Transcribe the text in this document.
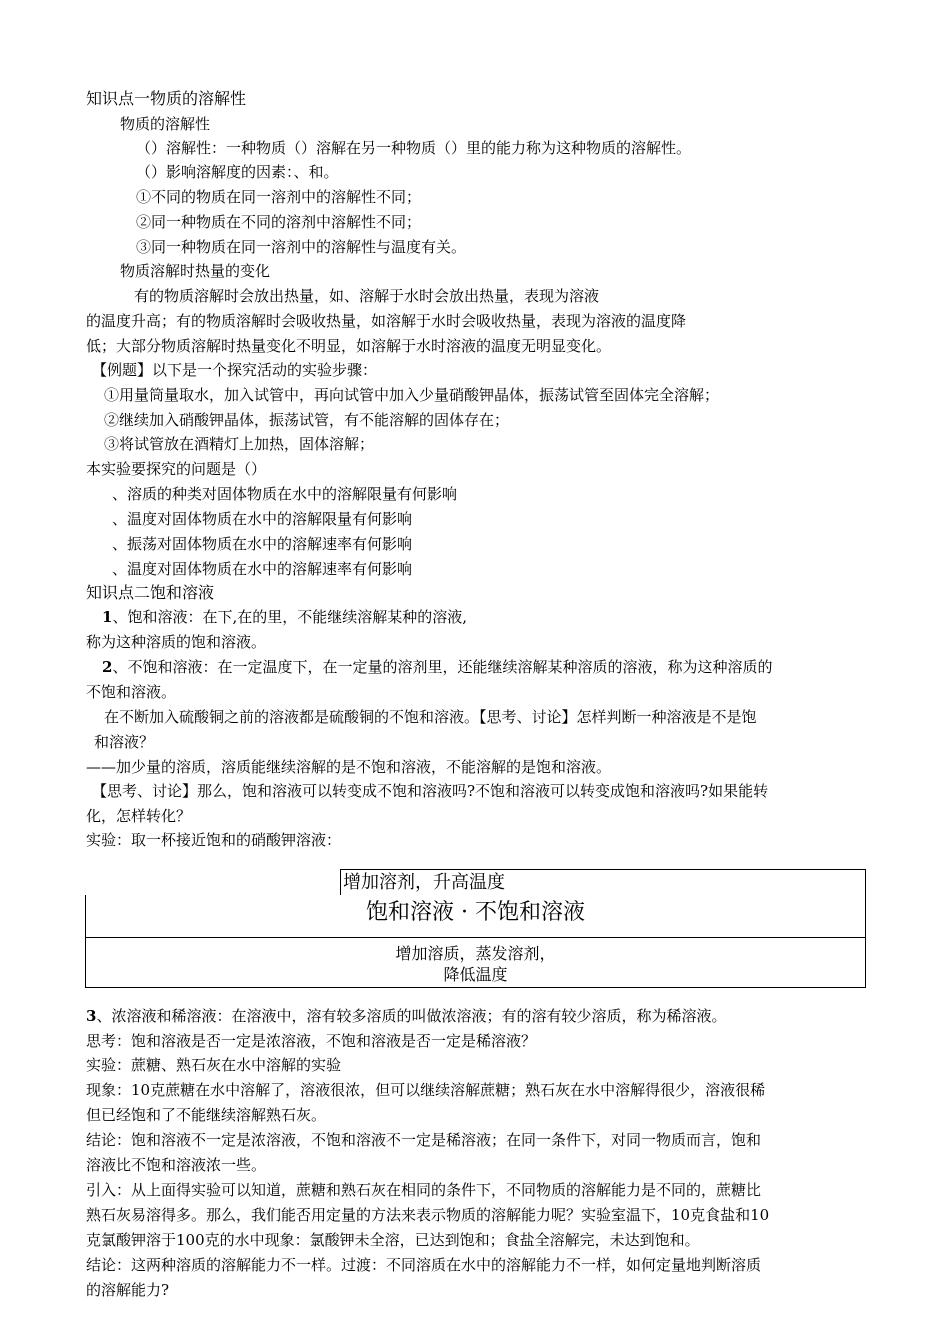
知识点一物质的溶解性
物质的溶解性
（）溶解性：一种物质（）溶解在另一种物质（）里的能力称为这种物质的溶解性。
（）影响溶解度的因素：、和。
①不同的物质在同一溶剂中的溶解性不同；
②同一种物质在不同的溶剂中溶解性不同；
③同一种物质在同一溶剂中的溶解性与温度有关。
物质溶解时热量的变化
有的物质溶解时会放出热量，如、溶解于水时会放出热量，表现为溶液
的温度升高；有的物质溶解时会吸收热量，如溶解于水时会吸收热量，表现为溶液的温度降
低；大部分物质溶解时热量变化不明显，如溶解于水时溶液的温度无明显变化。
【例题】以下是一个探究活动的实验步骤：
①用量筒量取水，加入试管中，再向试管中加入少量硝酸钾晶体，振荡试管至固体完全溶解；
②继续加入硝酸钾晶体，振荡试管，有不能溶解的固体存在；
③将试管放在酒精灯上加热，固体溶解；
本实验要探究的问题是（）
、溶质的种类对固体物质在水中的溶解限量有何影响
、温度对固体物质在水中的溶解限量有何影响
、振荡对固体物质在水中的溶解速率有何影响
、温度对固体物质在水中的溶解速率有何影响
知识点二饱和溶液
1、饱和溶液：在下,在的里，不能继续溶解某种的溶液,
称为这种溶质的饱和溶液。
2、不饱和溶液：在一定温度下，在一定量的溶剂里，还能继续溶解某种溶质的溶液，称为这种溶质的
不饱和溶液。
在不断加入硫酸铜之前的溶液都是硫酸铜的不饱和溶液。【思考、讨论】怎样判断一种溶液是不是饱
和溶液？
——加少量的溶质，溶质能继续溶解的是不饱和溶液，不能溶解的是饱和溶液。
【思考、讨论】那么，饱和溶液可以转变成不饱和溶液吗?不饱和溶液可以转变成饱和溶液吗?如果能转
化，怎样转化？
实验：取一杯接近饱和的硝酸钾溶液：
增加溶剂，升高温度
饱和溶液 · 不饱和溶液
增加溶质，蒸发溶剂，
降低温度
3、浓溶液和稀溶液：在溶液中，溶有较多溶质的叫做浓溶液；有的溶有较少溶质，称为稀溶液。
思考：饱和溶液是否一定是浓溶液，不饱和溶液是否一定是稀溶液？
实验：蔗糖、熟石灰在水中溶解的实验
现象：10克蔗糖在水中溶解了，溶液很浓，但可以继续溶解蔗糖；熟石灰在水中溶解得很少，溶液很稀
但已经饱和了不能继续溶解熟石灰。
结论：饱和溶液不一定是浓溶液，不饱和溶液不一定是稀溶液；在同一条件下，对同一物质而言，饱和
溶液比不饱和溶液浓一些。
引入：从上面得实验可以知道，蔗糖和熟石灰在相同的条件下，不同物质的溶解能力是不同的，蔗糖比
熟石灰易溶得多。那么，我们能否用定量的方法来表示物质的溶解能力呢？实验室温下，10克食盐和10
克氯酸钾溶于100克的水中现象：氯酸钾未全溶，已达到饱和；食盐全溶解完，未达到饱和。
结论：这两种溶质的溶解能力不一样。过渡：不同溶质在水中的溶解能力不一样，如何定量地判断溶质
的溶解能力?
